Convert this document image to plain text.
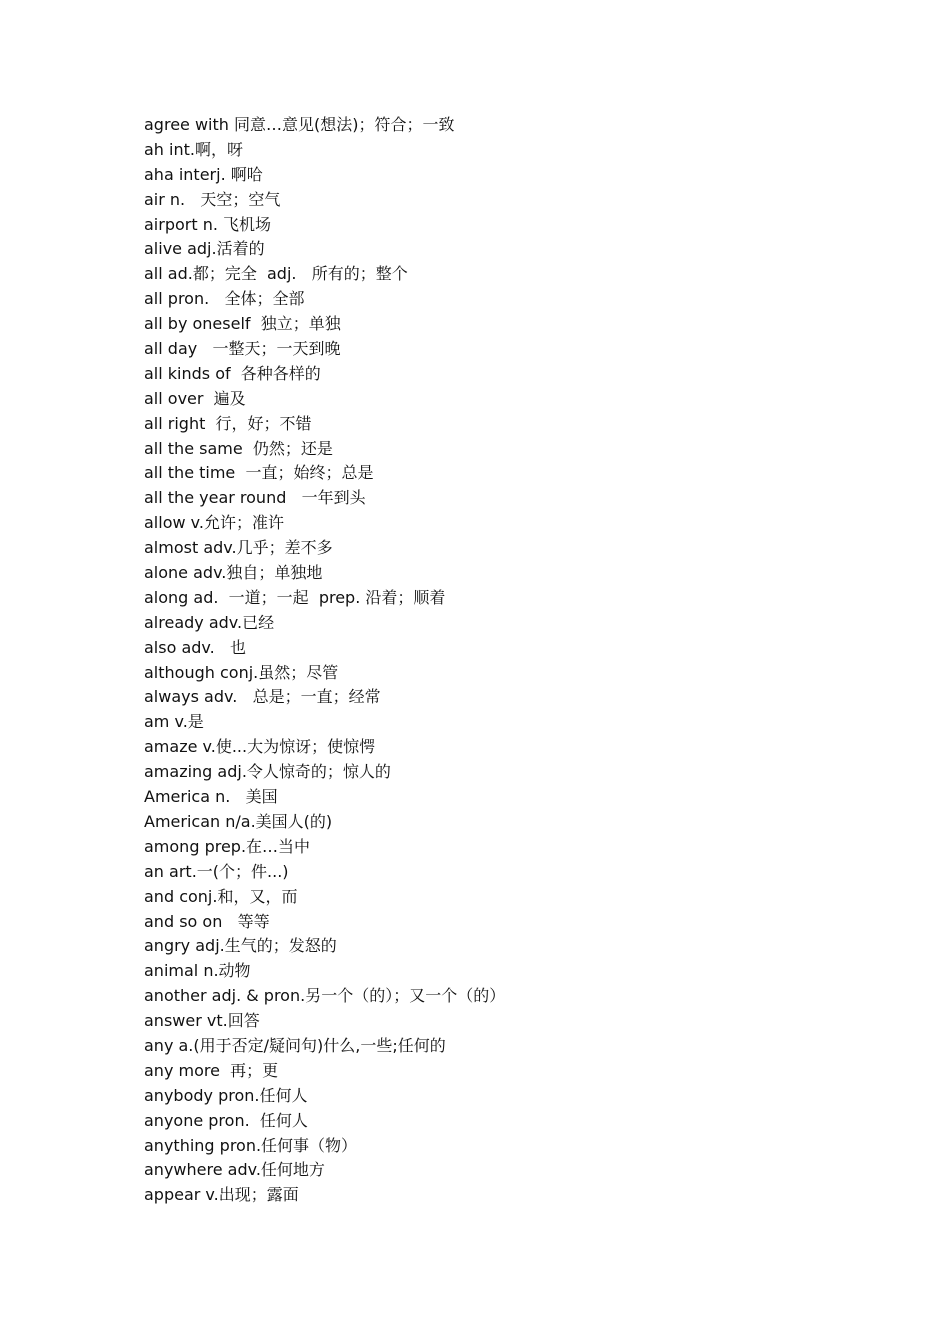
agree with 同意…意见(想法)；符合；一致
ah int.啊，呀
aha interj. 啊哈
air n.   天空；空气
airport n. 飞机场
alive adj.活着的
all ad.都；完全  adj.   所有的；整个
all pron.   全体；全部
all by oneself  独立；单独
all day   一整天；一天到晚
all kinds of  各种各样的
all over  遍及
all right  行，好；不错
all the same  仍然；还是
all the time  一直；始终；总是
all the year round   一年到头
allow v.允许；准许
almost adv.几乎；差不多
alone adv.独自；单独地
along ad.  一道；一起  prep. 沿着；顺着
already adv.已经
also adv.   也
although conj.虽然；尽管
always adv.   总是；一直；经常
am v.是
amaze v.使...大为惊讶；使惊愕
amazing adj.令人惊奇的；惊人的
America n.   美国
American n/a.美国人(的)
among prep.在…当中
an art.一(个；件...)
and conj.和，又，而
and so on   等等
angry adj.生气的；发怒的
animal n.动物
another adj. & pron.另一个（的）；又一个（的）
answer vt.回答
any a.(用于否定/疑问句)什么,一些;任何的
any more  再；更
anybody pron.任何人
anyone pron.  任何人
anything pron.任何事（物）
anywhere adv.任何地方
appear v.出现；露面
